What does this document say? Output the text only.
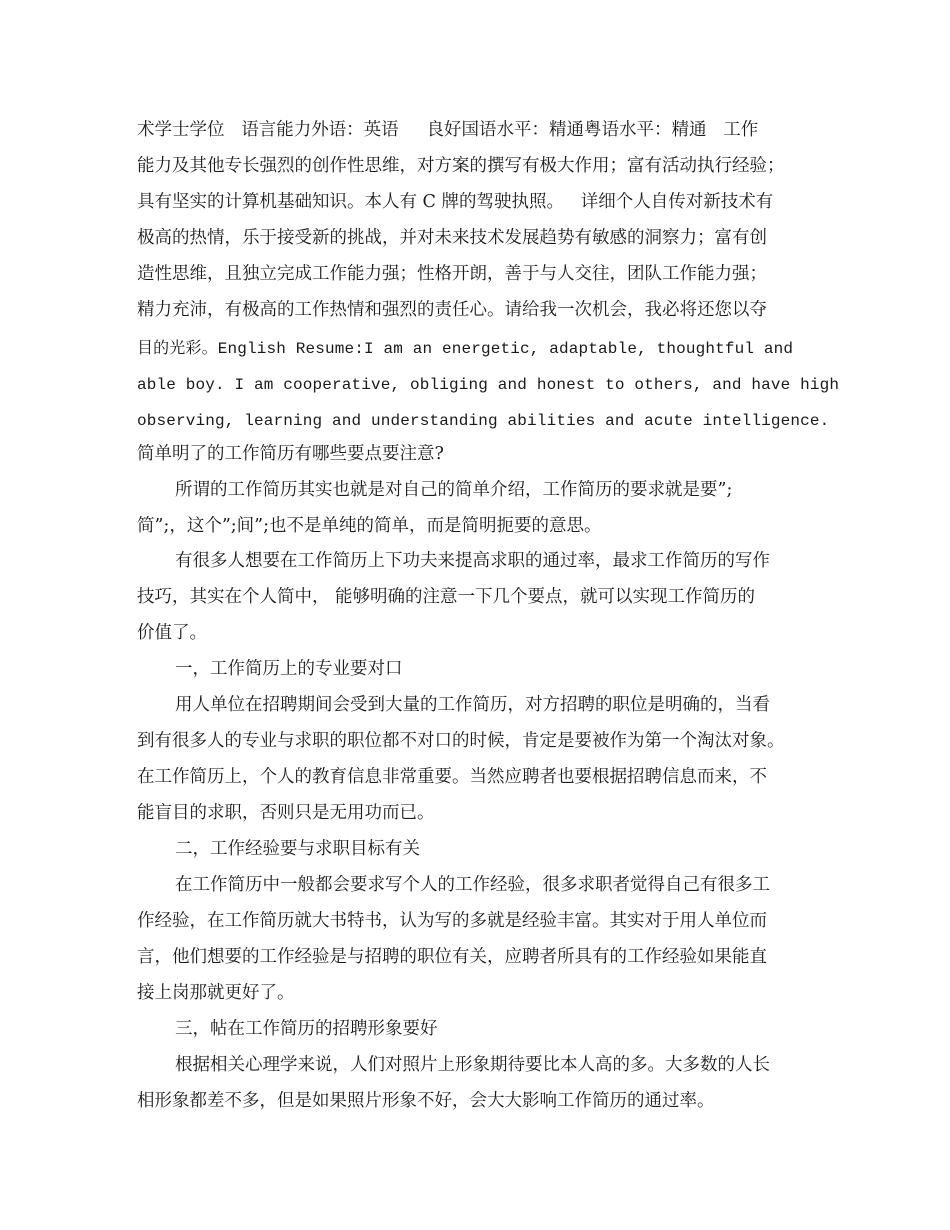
术学士学位   语言能力外语：英语     良好国语水平：精通粤语水平：精通   工作
能力及其他专长强烈的创作性思维，对方案的撰写有极大作用；富有活动执行经验；
具有坚实的计算机基础知识。本人有 C 牌的驾驶执照。   详细个人自传对新技术有
极高的热情，乐于接受新的挑战，并对未来技术发展趋势有敏感的洞察力；富有创
造性思维，且独立完成工作能力强；性格开朗，善于与人交往，团队工作能力强；
精力充沛，有极高的工作热情和强烈的责任心。请给我一次机会，我必将还您以夺
目的光彩。English Resume:I am an energetic, adaptable, thoughtful and
able boy. I am cooperative, obliging and honest to others, and have high
observing, learning and understanding abilities and acute intelligence.
简单明了的工作简历有哪些要点要注意?
所谓的工作简历其实也就是对自己的简单介绍，工作简历的要求就是要”;
简”;，这个”;间”;也不是单纯的简单，而是简明扼要的意思。
有很多人想要在工作简历上下功夫来提高求职的通过率，最求工作简历的写作
技巧，其实在个人简中， 能够明确的注意一下几个要点，就可以实现工作简历的
价值了。
一，工作简历上的专业要对口
用人单位在招聘期间会受到大量的工作简历，对方招聘的职位是明确的，当看
到有很多人的专业与求职的职位都不对口的时候，肯定是要被作为第一个淘汰对象。
在工作简历上，个人的教育信息非常重要。当然应聘者也要根据招聘信息而来，不
能盲目的求职，否则只是无用功而已。
二，工作经验要与求职目标有关
在工作简历中一般都会要求写个人的工作经验，很多求职者觉得自己有很多工
作经验，在工作简历就大书特书，认为写的多就是经验丰富。其实对于用人单位而
言，他们想要的工作经验是与招聘的职位有关，应聘者所具有的工作经验如果能直
接上岗那就更好了。
三，帖在工作简历的招聘形象要好
根据相关心理学来说，人们对照片上形象期待要比本人高的多。大多数的人长
相形象都差不多，但是如果照片形象不好，会大大影响工作简历的通过率。
